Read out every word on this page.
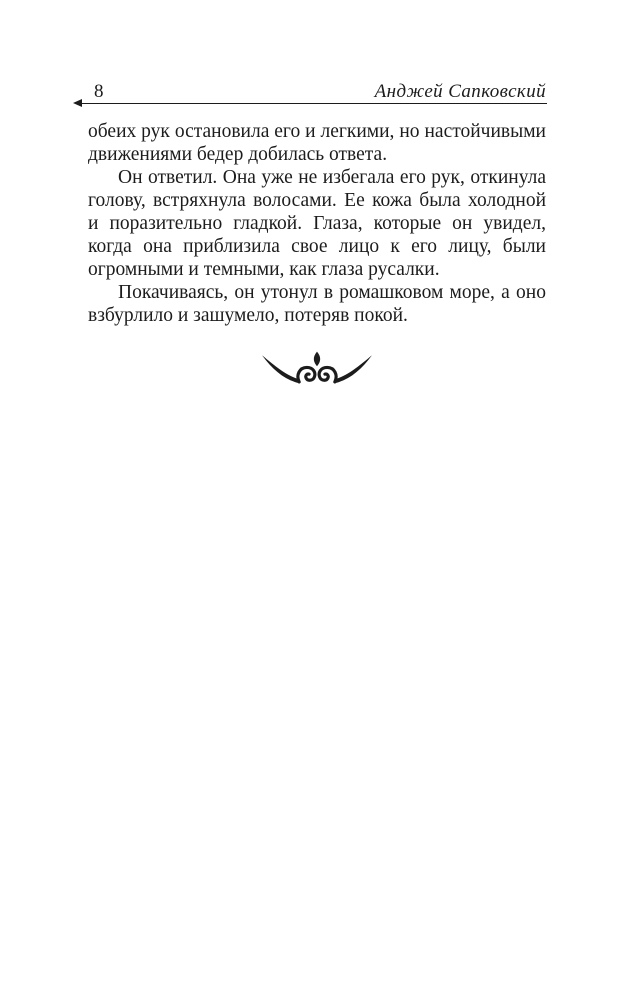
8	Анджей Сапковский

обеих рук остановила его и легкими, но настойчивыми движениями бедер добилась ответа.

Он ответил. Она уже не избегала его рук, откинула голову, встряхнула волосами. Ее кожа была холодной и поразительно гладкой. Глаза, которые он увидел, когда она приблизила свое лицо к его лицу, были огромными и темными, как глаза русалки.

Покачиваясь, он утонул в ромашковом море, а оно взбурлило и зашумело, потеряв покой.
